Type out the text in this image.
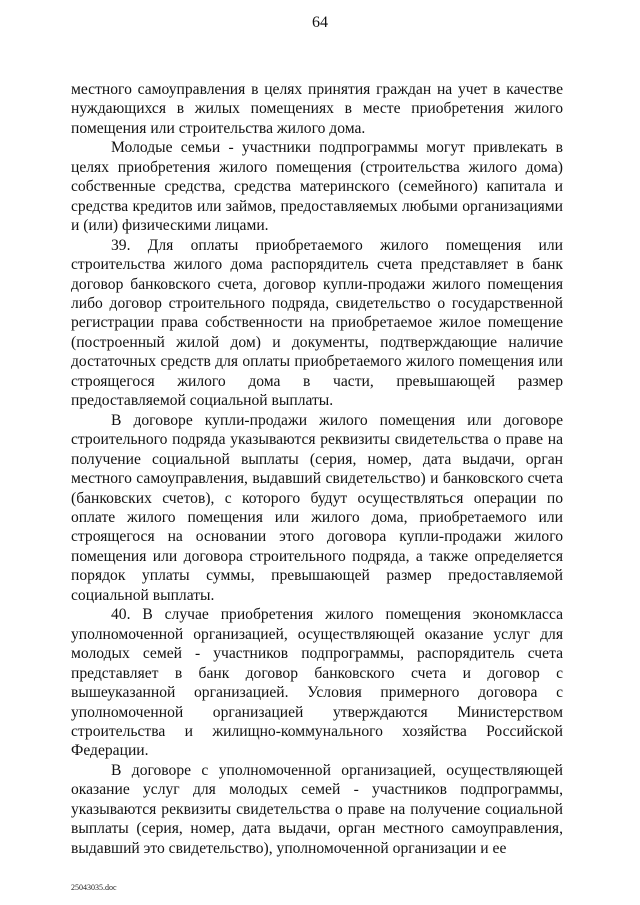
64

местного самоуправления в целях принятия граждан на учет в качестве нуждающихся в жилых помещениях в месте приобретения жилого помещения или строительства жилого дома.

Молодые семьи - участники подпрограммы могут привлекать в целях приобретения жилого помещения (строительства жилого дома) собственные средства, средства материнского (семейного) капитала и средства кредитов или займов, предоставляемых любыми организациями и (или) физическими лицами.

39. Для оплаты приобретаемого жилого помещения или строительства жилого дома распорядитель счета представляет в банк договор банковского счета, договор купли-продажи жилого помещения либо договор строительного подряда, свидетельство о государственной регистрации права собственности на приобретаемое жилое помещение (построенный жилой дом) и документы, подтверждающие наличие достаточных средств для оплаты приобретаемого жилого помещения или строящегося жилого дома в части, превышающей размер предоставляемой социальной выплаты.

В договоре купли-продажи жилого помещения или договоре строительного подряда указываются реквизиты свидетельства о праве на получение социальной выплаты (серия, номер, дата выдачи, орган местного самоуправления, выдавший свидетельство) и банковского счета (банковских счетов), с которого будут осуществляться операции по оплате жилого помещения или жилого дома, приобретаемого или строящегося на основании этого договора купли-продажи жилого помещения или договора строительного подряда, а также определяется порядок уплаты суммы, превышающей размер предоставляемой социальной выплаты.

40. В случае приобретения жилого помещения экономкласса уполномоченной организацией, осуществляющей оказание услуг для молодых семей - участников подпрограммы, распорядитель счета представляет в банк договор банковского счета и договор с вышеуказанной организацией. Условия примерного договора с уполномоченной организацией утверждаются Министерством строительства и жилищно-коммунального хозяйства Российской Федерации.

В договоре с уполномоченной организацией, осуществляющей оказание услуг для молодых семей - участников подпрограммы, указываются реквизиты свидетельства о праве на получение социальной выплаты (серия, номер, дата выдачи, орган местного самоуправления, выдавший это свидетельство), уполномоченной организации и ее

25043035.doc
